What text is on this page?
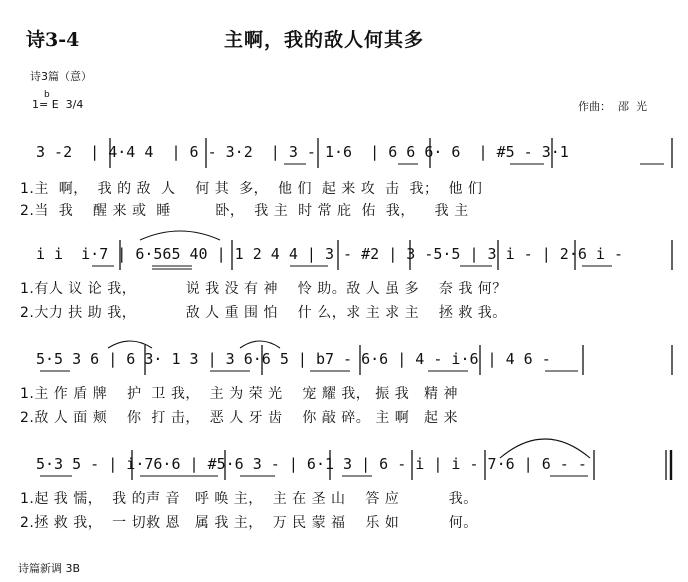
诗3-4	主啊，我的敌人何其多
诗3篇（意）
1= E  3/4
b
作曲：  邵  光
3 -2  | 4·4 4  | 6 - 3·2  | 3 - 1·6  | 6 6 6· 6  | #5 - 3·1
1.主  啊，  我 的 敌  人    何 其  多，  他 们  起 来 攻  击  我；  他 们
2.当  我    醒 来 或  睡         卧，  我 主  时 常 庇  佑  我，    我 主
i i  i·7 | 6·565 40 | 1 2 4 4 | 3 - #2 | 3 -5·5 | 3 i - | 2·6 i -
1.有人 议 论 我，          说 我 没 有 神    怜 助。敌 人 虽 多    奈 我 何？
2.大力 扶 助 我，          敌 人 重 围 怕    什 么，求 主 求 主    拯 救 我。
5·5 3 6 | 6 3· 1 3 | 3 6·6 5 | b7 - 6·6 | 4 - i·6 | 4 6 -
1.主 作 盾 牌    护  卫 我，  主 为 荣 光    宠 耀 我， 振 我   精 神
2.敌 人 面 颊    你  打 击，  恶 人 牙 齿    你 敲 碎。 主 啊   起 来
5·3 5 - | i·76·6 | #5·6 3 - | 6·1 3 | 6 - i | i - 7·6 | 6 - -
1.起 我 懦，  我 的声 音   呼 唤 主，  主 在 圣 山    答 应          我。
2.拯 救 我，  一 切救 恩   属 我 主，  万 民 蒙 福    乐 如          何。
诗篇新调 3B
